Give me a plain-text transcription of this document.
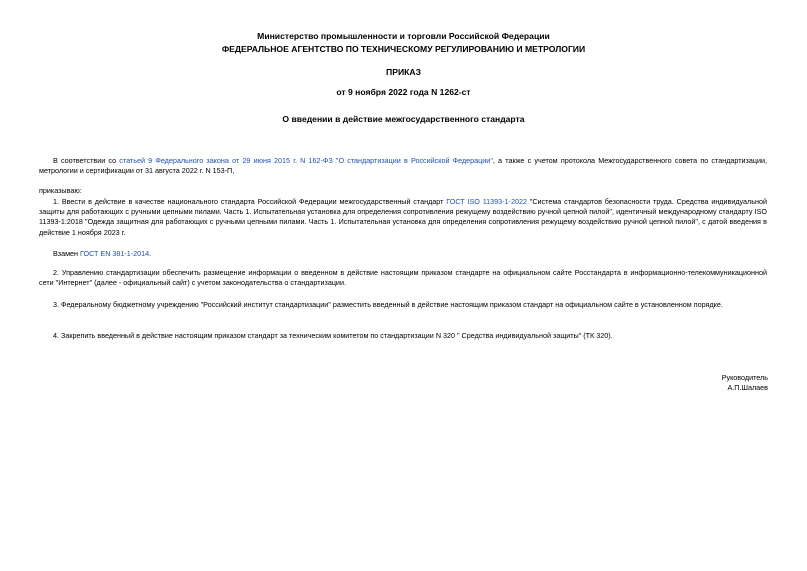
Министерство промышленности и торговли Российской Федерации
ФЕДЕРАЛЬНОЕ АГЕНТСТВО ПО ТЕХНИЧЕСКОМУ РЕГУЛИРОВАНИЮ И МЕТРОЛОГИИ
ПРИКАЗ
от 9 ноября 2022 года N 1262-ст
О введении в действие межгосударственного стандарта
В соответствии со статьей 9 Федерального закона от 29 июня 2015 г. N 162-ФЗ "О стандартизации в Российской Федерации", а также с учетом протокола Межгосударственного совета по стандартизации, метрологии и сертификации от 31 августа 2022 г. N 153-П,
приказываю:
1. Ввести в действие в качестве национального стандарта Российской Федерации межгосударственный стандарт ГОСТ ISO 11393-1-2022 "Система стандартов безопасности труда. Средства индивидуальной защиты для работающих с ручными цепными пилами. Часть 1. Испытательная установка для определения сопротивления режущему воздействию ручной цепной пилой", идентичный международному стандарту ISO 11393-1:2018 "Одежда защитная для работающих с ручными цепными пилами. Часть 1. Испытательная установка для определения сопротивления режущему воздействию ручной цепной пилой", с датой введения в действие 1 ноября 2023 г.
Взамен ГОСТ EN 381-1-2014.
2. Управлению стандартизации обеспечить размещение информации о введенном в действие настоящим приказом стандарте на официальном сайте Росстандарта в информационно-телекоммуникационной сети "Интернет" (далее - официальный сайт) с учетом законодательства о стандартизации.
3. Федеральному бюджетному учреждению "Российский институт стандартизации" разместить введенный в действие настоящим приказом стандарт на официальном сайте в установленном порядке.
4. Закрепить введенный в действие настоящим приказом стандарт за техническим комитетом по стандартизации N 320 " Средства индивидуальной защиты" (ТК 320).
Руководитель
А.П.Шалаев
